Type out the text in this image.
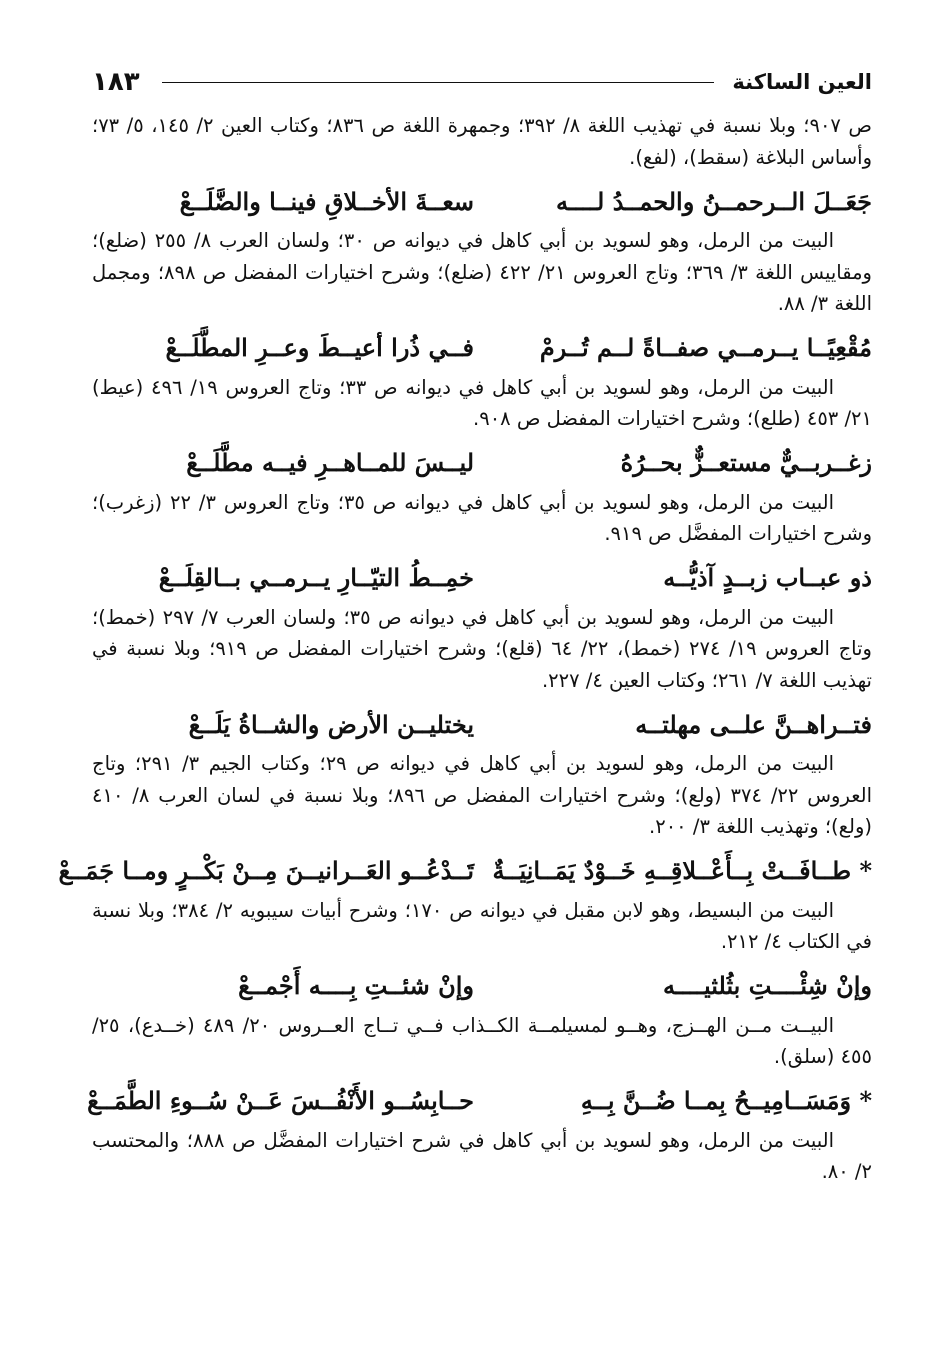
العين الساكنة
١٨٣

ص ٩٠٧؛ وبلا نسبة في تهذيب اللغة ٨/ ٣٩٢؛ وجمهرة اللغة ص ٨٣٦؛ وكتاب العين ٢/ ١٤٥، ٥/ ٧٣؛ وأساس البلاغة (سقط)، (لفع).

جَعَــلَ الــرحمــنُ والحمــدُ لــــه
سعــةَ الأخــلاقِ فينــا والضَّلَــعْ

البيت من الرمل، وهو لسويد بن أبي كاهل في ديوانه ص ٣٠؛ ولسان العرب ٨/ ٢٥٥ (ضلع)؛ ومقاييس اللغة ٣/ ٣٦٩؛ وتاج العروس ٢١/ ٤٢٢ (ضلع)؛ وشرح اختيارات المفضل ص ٨٩٨؛ ومجمل اللغة ٣/ ٨٨.

مُقْعِيًــا يــرمــي صفــاةً لــم تُــرمْ
فــي ذُرا أعيــطَ وعــرِ المطَّلَــعْ

البيت من الرمل، وهو لسويد بن أبي كاهل في ديوانه ص ٣٣؛ وتاج العروس ١٩/ ٤٩٦ (عيط) ٢١/ ٤٥٣ (طلع)؛ وشرح اختيارات المفضل ص ٩٠٨.

زغــربــيٌّ مستعــزٌّ بحــرُهُ
ليــسَ للمــاهــرِ فيــه مطَّلَــعْ

البيت من الرمل، وهو لسويد بن أبي كاهل في ديوانه ص ٣٥؛ وتاج العروس ٣/ ٢٢ (زغرب)؛ وشرح اختيارات المفضَّل ص ٩١٩.

ذو عبــاب زبــدٍ آذيُّــه
خمِــطُ التيّــارِ يــرمــي بــالقِلَــعْ

البيت من الرمل، وهو لسويد بن أبي كاهل في ديوانه ص ٣٥؛ ولسان العرب ٧/ ٢٩٧ (خمط)؛ وتاج العروس ١٩/ ٢٧٤ (خمط)، ٢٢/ ٦٤ (قلع)؛ وشرح اختيارات المفضل ص ٩١٩؛ وبلا نسبة في تهذيب اللغة ٧/ ٢٦١؛ وكتاب العين ٤/ ٢٢٧.

فتــراهــنَّ علــى مهلتــه
يختليــن الأرض والشــاةُ يَلَــعْ

البيت من الرمل، وهو لسويد بن أبي كاهل في ديوانه ص ٢٩؛ وكتاب الجيم ٣/ ٢٩١؛ وتاج العروس ٢٢/ ٣٧٤ (ولع)؛ وشرح اختيارات المفضل ص ٨٩٦؛ وبلا نسبة في لسان العرب ٨/ ٤١٠ (ولع)؛ وتهذيب اللغة ٣/ ٢٠٠.

* طــافَــتْ بِــأَعْــلاقِــهِ خَــوْدٌ يَمَــانِيَــةٌ
تَــدْعُــو العَــرانيــنَ مِــنْ بَكْــرٍ ومــا جَمَــعْ

البيت من البسيط، وهو لابن مقبل في ديوانه ص ١٧٠؛ وشرح أبيات سيبويه ٢/ ٣٨٤؛ وبلا نسبة في الكتاب ٤/ ٢١٢.

وإنْ شِئْــــتِ بثُلثيــــه
وإنْ شئــتِ بِــــه أَجْمــعْ

البيــت مــن الهــزج، وهــو لمسيلمــة الكــذاب فــي تــاج العــروس ٢٠/ ٤٨٩ (خــدع)، ٢٥/ ٤٥٥ (سلق).

* وَمَسَــامِيــحُ بِمــا ضُــنَّ بِــهِ
حــابِسُــو الأَنْفُــسَ عَــنْ سُــوءِ الطَّمَــعْ

البيت من الرمل، وهو لسويد بن أبي كاهل في شرح اختيارات المفضَّل ص ٨٨٨؛ والمحتسب ٢/ ٨٠.
